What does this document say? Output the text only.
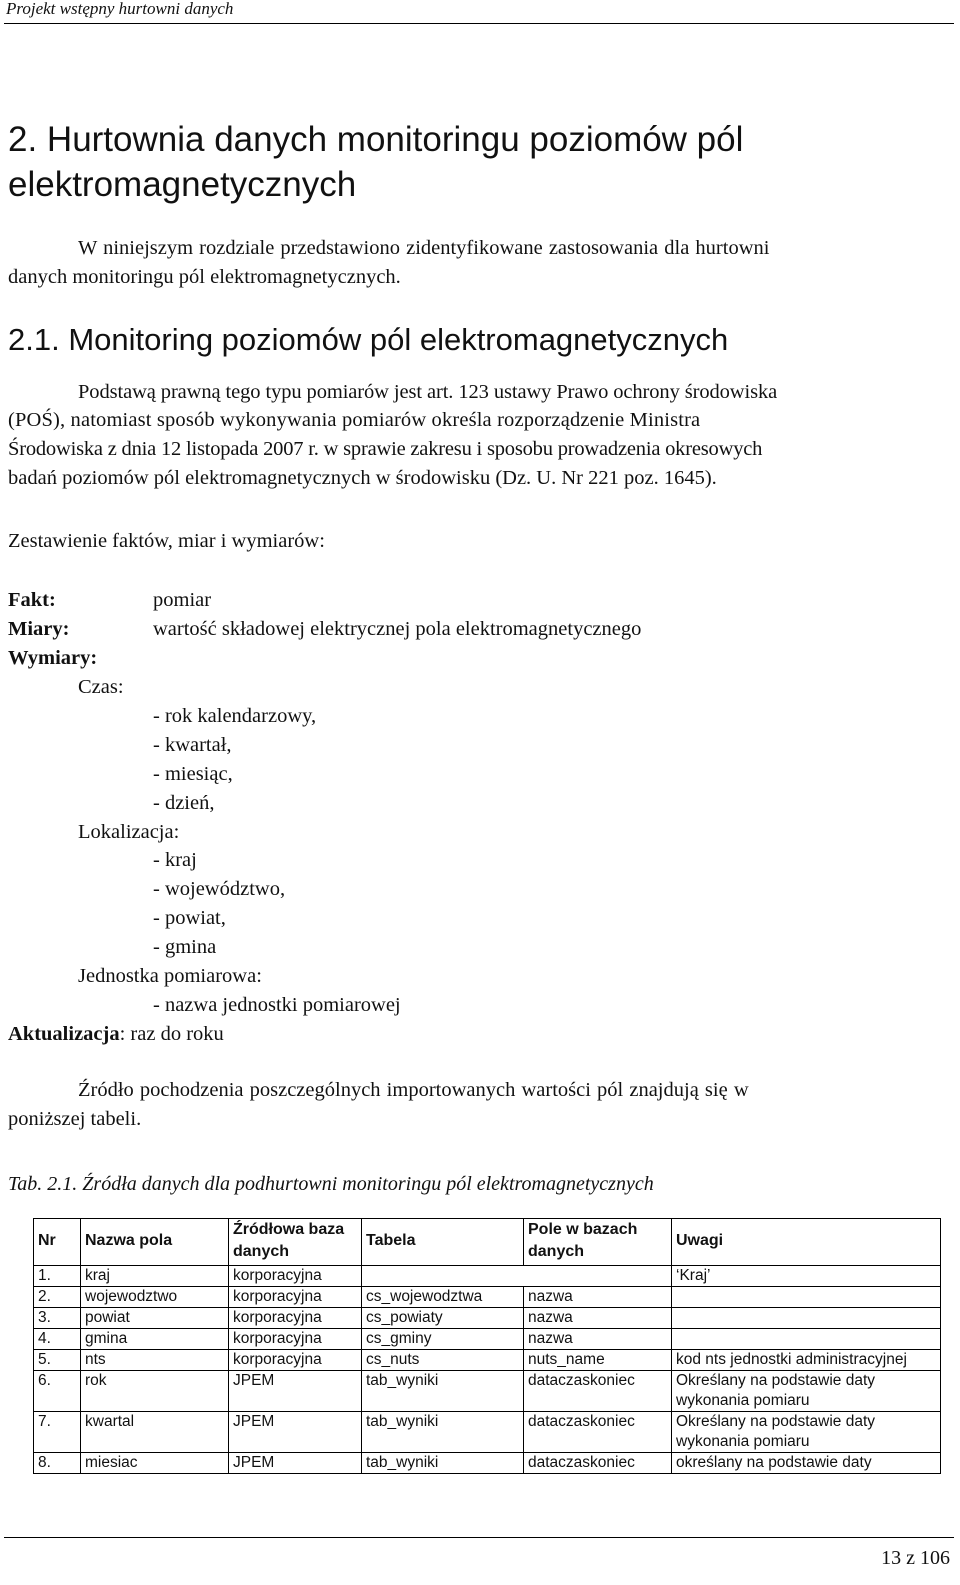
Projekt wstępny hurtowni danych
2. Hurtownia danych monitoringu poziomów pól
elektromagnetycznych
W niniejszym rozdziale przedstawiono zidentyfikowane zastosowania dla hurtowni
danych monitoringu pól elektromagnetycznych.
2.1. Monitoring poziomów pól elektromagnetycznych
Podstawą prawną tego typu pomiarów jest art. 123 ustawy Prawo ochrony środowiska
(POŚ), natomiast sposób wykonywania pomiarów określa rozporządzenie Ministra
Środowiska z dnia 12 listopada 2007 r. w sprawie zakresu i sposobu prowadzenia okresowych
badań poziomów pól elektromagnetycznych w środowisku (Dz. U. Nr 221 poz. 1645).
Zestawienie faktów, miar i wymiarów:
Fakt:	pomiar
Miary:	wartość składowej elektrycznej pola elektromagnetycznego
Wymiary:
Czas:
- rok kalendarzowy,
- kwartał,
- miesiąc,
- dzień,
Lokalizacja:
- kraj
- województwo,
- powiat,
- gmina
Jednostka pomiarowa:
- nazwa jednostki pomiarowej
Aktualizacja: raz do roku
Źródło pochodzenia poszczególnych importowanych wartości pól znajdują się w
poniższej tabeli.
Tab. 2.1. Źródła danych dla podhurtowni monitoringu pól elektromagnetycznych
Nr	Nazwa pola	Źródłowa baza danych	Tabela	Pole w bazach danych	Uwagi
1.	kraj	korporacyjna			‘Kraj’
2.	wojewodztwo	korporacyjna	cs_wojewodztwa	nazwa	
3.	powiat	korporacyjna	cs_powiaty	nazwa	
4.	gmina	korporacyjna	cs_gminy	nazwa	
5.	nts	korporacyjna	cs_nuts	nuts_name	kod nts jednostki administracyjnej
6.	rok	JPEM	tab_wyniki	dataczaskoniec	Określany na podstawie daty wykonania pomiaru
7.	kwartal	JPEM	tab_wyniki	dataczaskoniec	Określany na podstawie daty wykonania pomiaru
8.	miesiac	JPEM	tab_wyniki	dataczaskoniec	określany na podstawie daty
13 z 106
